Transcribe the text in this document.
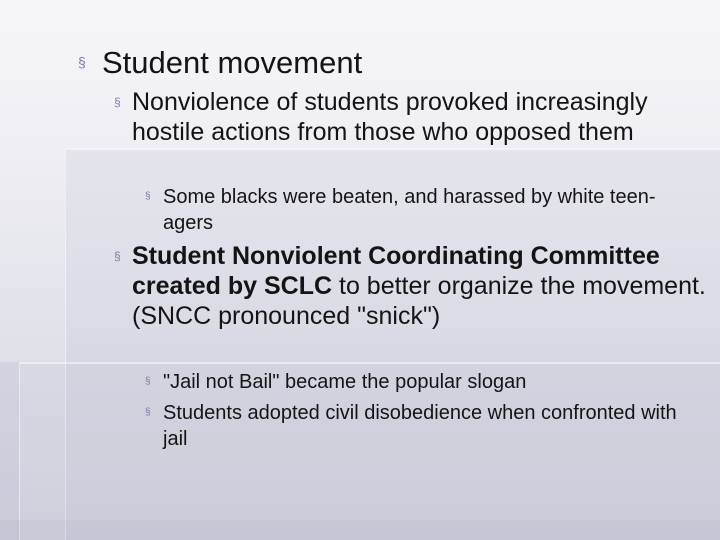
§ Student movement
§ Nonviolence of students provoked increasingly hostile actions from those who opposed them
§ Some blacks were beaten, and harassed by white teen-agers
§ Student Nonviolent Coordinating Committee created by SCLC to better organize the movement. (SNCC pronounced "snick")
§ "Jail not Bail" became the popular slogan
§ Students adopted civil disobedience when confronted with jail
